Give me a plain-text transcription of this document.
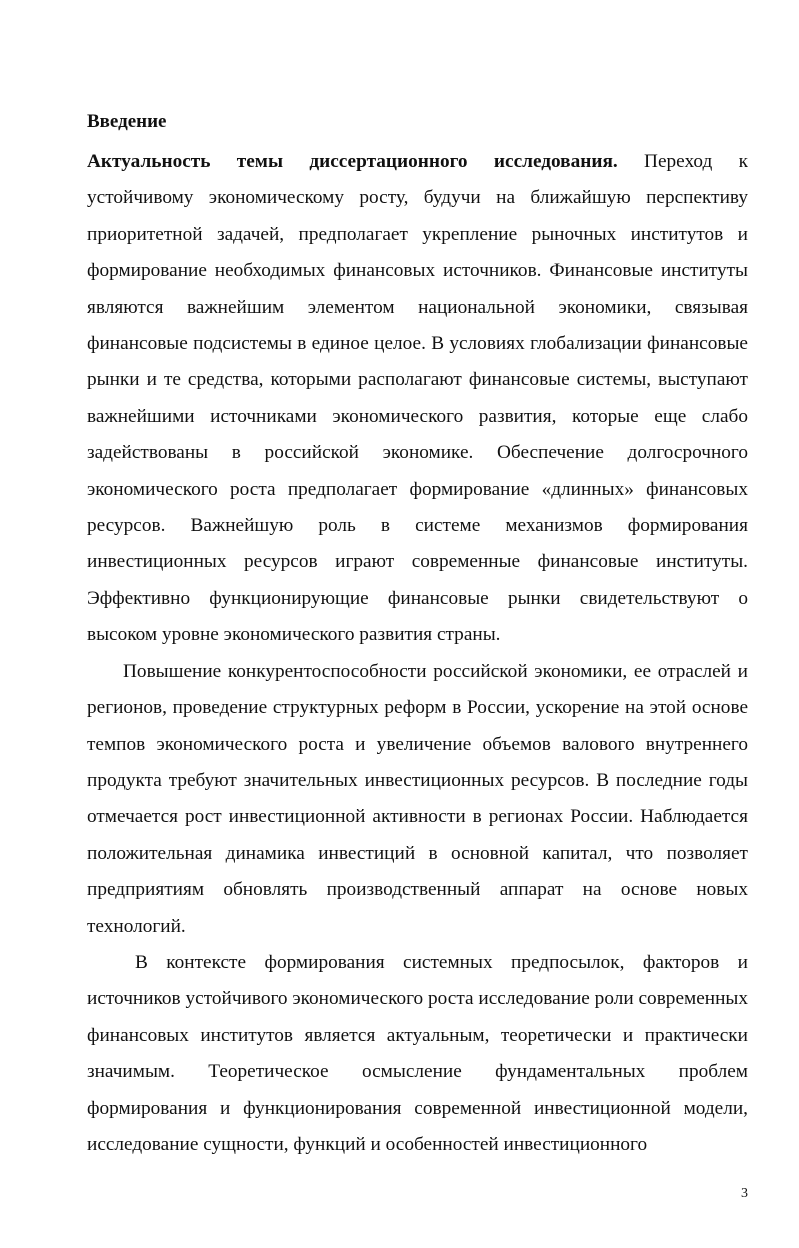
Введение

Актуальность темы диссертационного исследования. Переход к устойчивому экономическому росту, будучи на ближайшую перспективу приоритетной задачей, предполагает укрепление рыночных институтов и формирование необходимых финансовых источников. Финансовые институты являются важнейшим элементом национальной экономики, связывая финансовые подсистемы в единое целое. В условиях глобализации финансовые рынки и те средства, которыми располагают финансовые системы, выступают важнейшими источниками экономического развития, которые еще слабо задействованы в российской экономике. Обеспечение долгосрочного экономического роста предполагает формирование «длинных» финансовых ресурсов. Важнейшую роль в системе механизмов формирования инвестиционных ресурсов играют современные финансовые институты. Эффективно функционирующие финансовые рынки свидетельствуют о высоком уровне экономического развития страны.

Повышение конкурентоспособности российской экономики, ее отраслей и регионов, проведение структурных реформ в России, ускорение на этой основе темпов экономического роста и увеличение объемов валового внутреннего продукта требуют значительных инвестиционных ресурсов. В последние годы отмечается рост инвестиционной активности в регионах России. Наблюдается положительная динамика инвестиций в основной капитал, что позволяет предприятиям обновлять производственный аппарат на основе новых технологий.

В контексте формирования системных предпосылок, факторов и источников устойчивого экономического роста исследование роли современных финансовых институтов является актуальным, теоретически и практически значимым. Теоретическое осмысление фундаментальных проблем формирования и функционирования современной инвестиционной модели, исследование сущности, функций и особенностей инвестиционного

3
